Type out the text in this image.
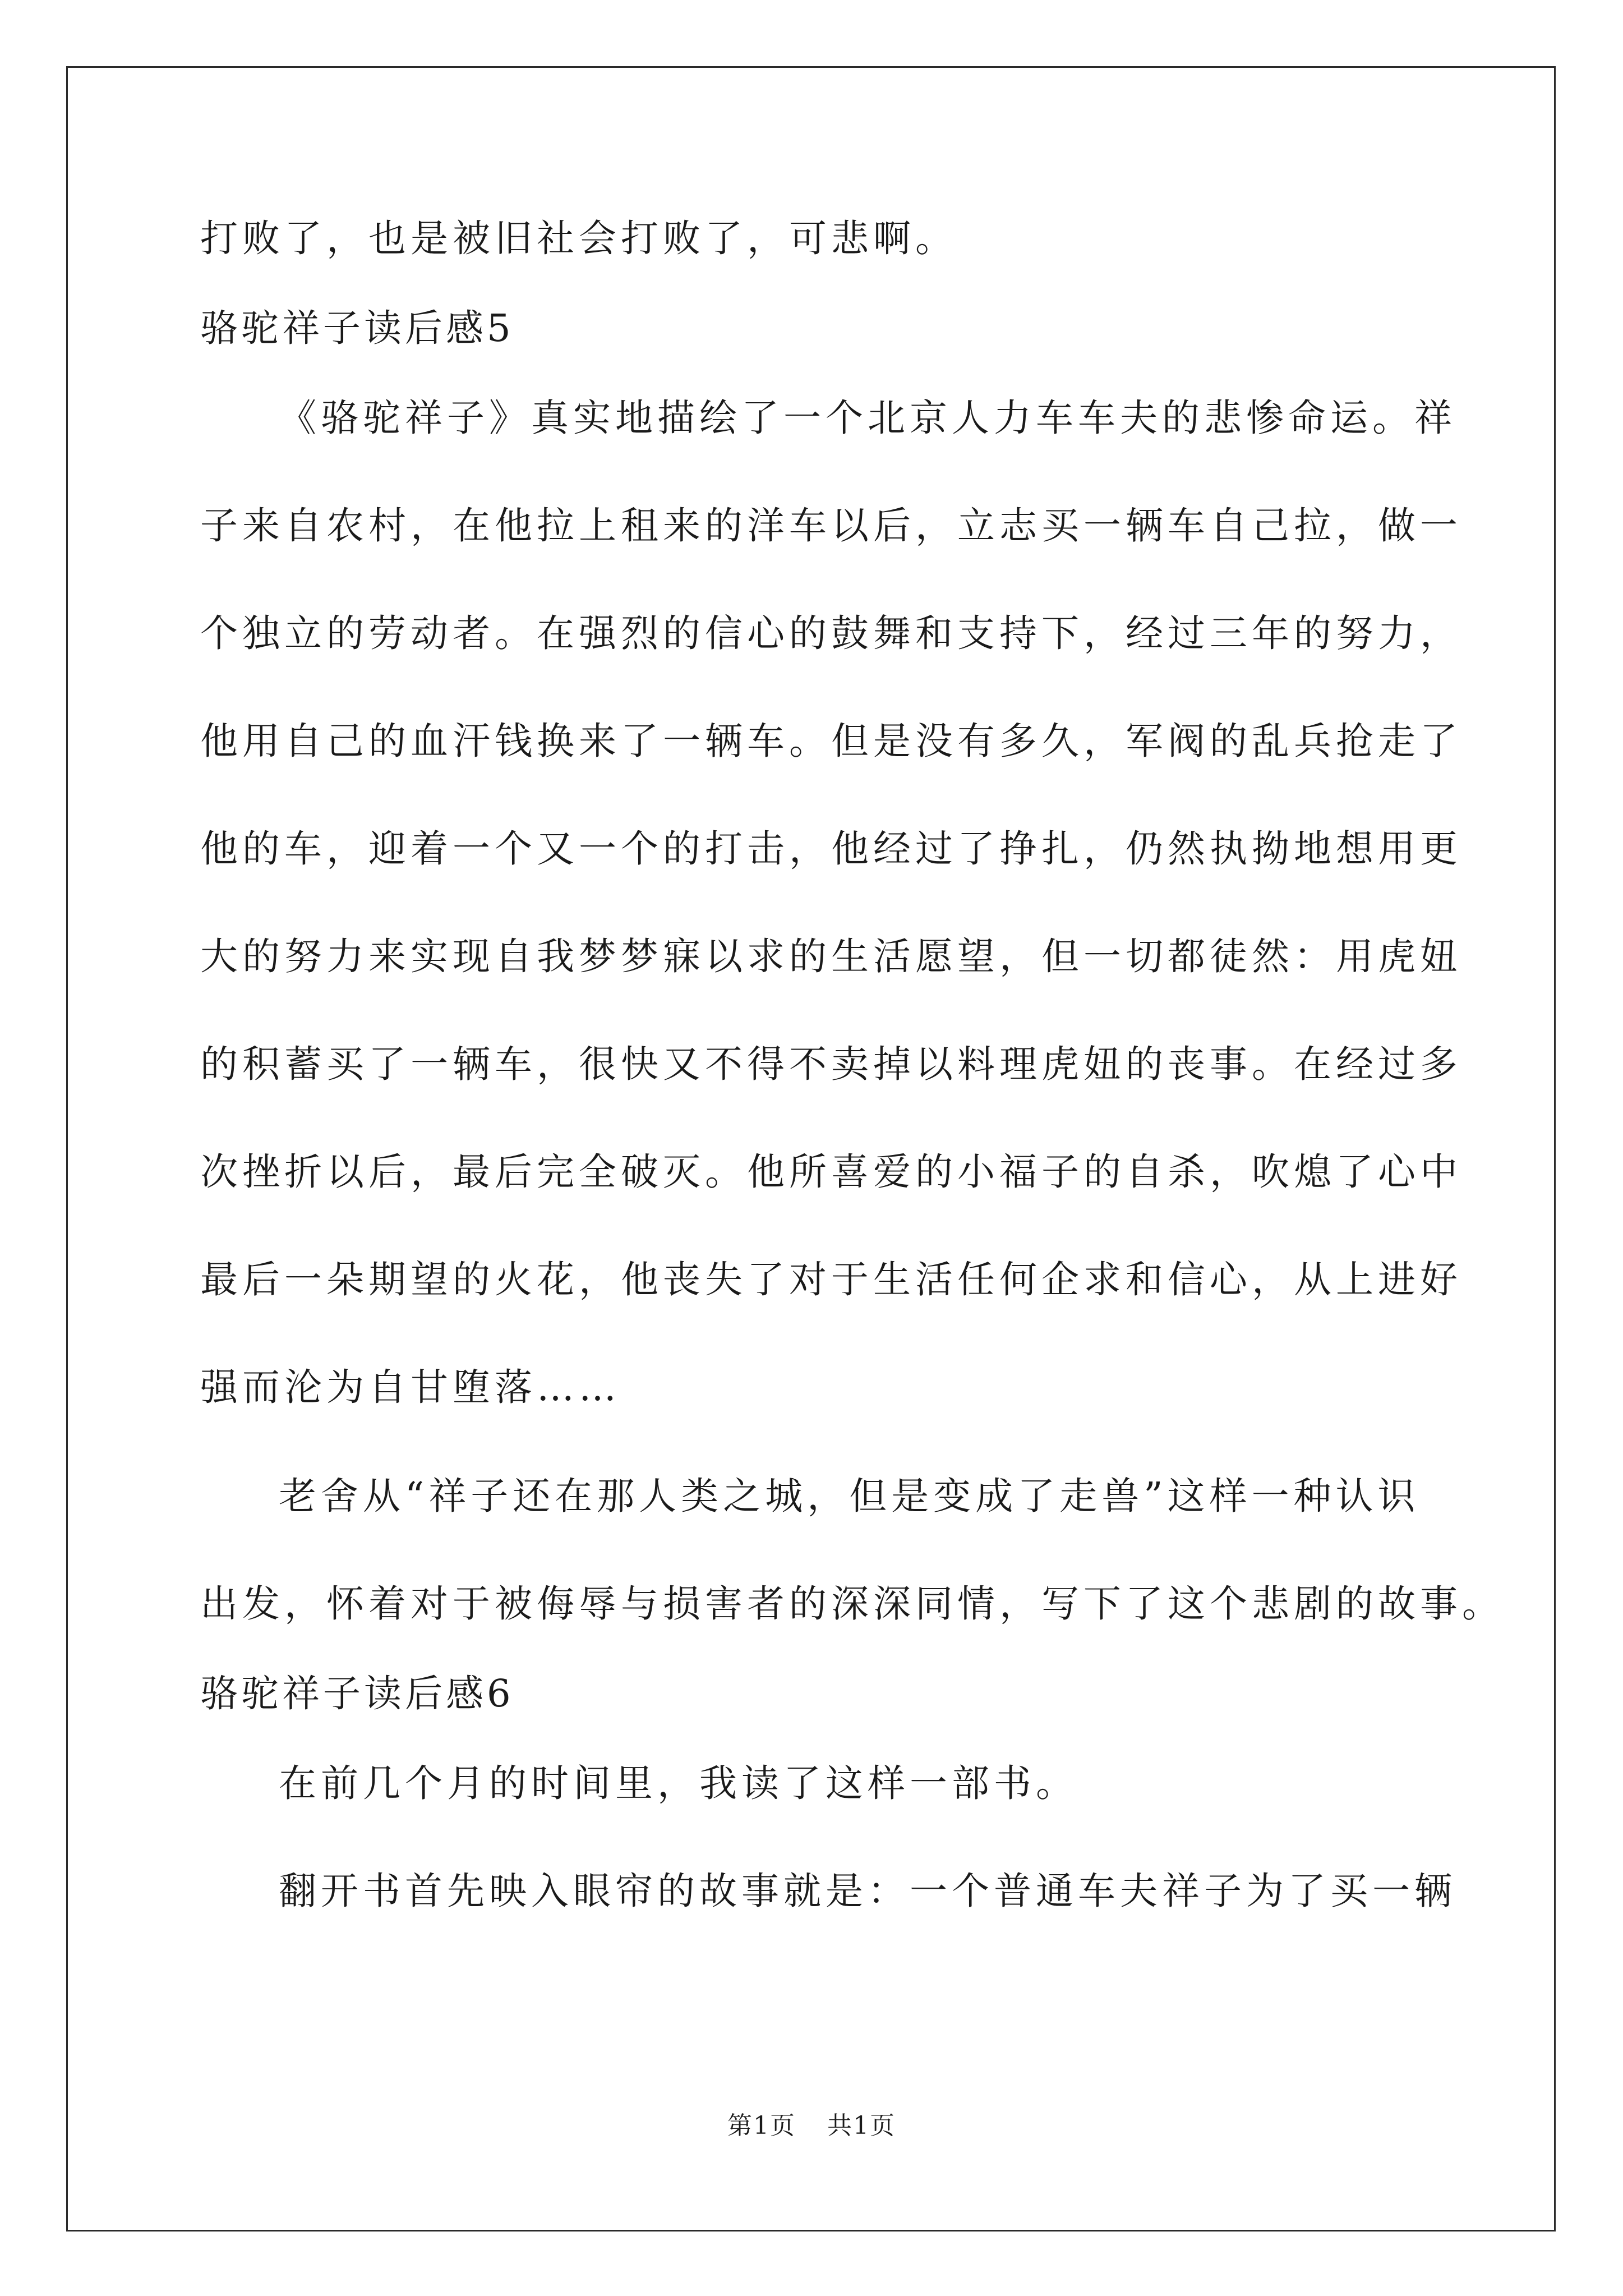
打败了，也是被旧社会打败了，可悲啊。
骆驼祥子读后感5
《骆驼祥子》真实地描绘了一个北京人力车车夫的悲惨命运。祥
子来自农村，在他拉上租来的洋车以后，立志买一辆车自己拉，做一
个独立的劳动者。在强烈的信心的鼓舞和支持下，经过三年的努力，
他用自己的血汗钱换来了一辆车。但是没有多久，军阀的乱兵抢走了
他的车，迎着一个又一个的打击，他经过了挣扎，仍然执拗地想用更
大的努力来实现自我梦梦寐以求的生活愿望，但一切都徒然：用虎妞
的积蓄买了一辆车，很快又不得不卖掉以料理虎妞的丧事。在经过多
次挫折以后，最后完全破灭。他所喜爱的小福子的自杀，吹熄了心中
最后一朵期望的火花，他丧失了对于生活任何企求和信心，从上进好
强而沦为自甘堕落……
老舍从“祥子还在那人类之城，但是变成了走兽”这样一种认识
出发，怀着对于被侮辱与损害者的深深同情，写下了这个悲剧的故事。
骆驼祥子读后感6
在前几个月的时间里，我读了这样一部书。
翻开书首先映入眼帘的故事就是：一个普通车夫祥子为了买一辆
第1页 共1页
